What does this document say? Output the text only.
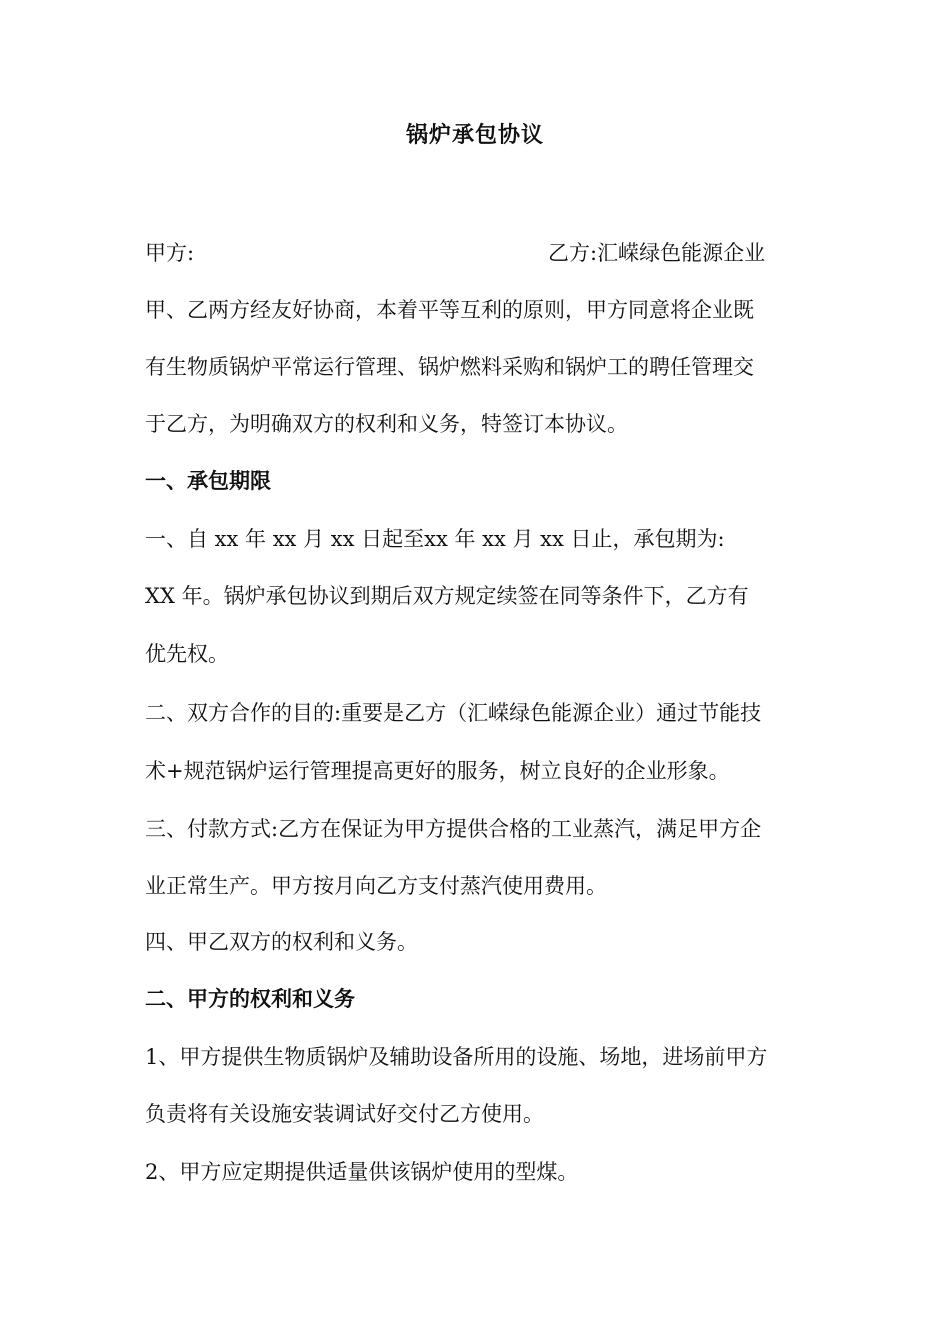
锅炉承包协议
甲方:	乙方:汇嵘绿色能源企业
甲、乙两方经友好协商，本着平等互利的原则，甲方同意将企业既
有生物质锅炉平常运行管理、锅炉燃料采购和锅炉工的聘任管理交
于乙方，为明确双方的权利和义务，特签订本协议。
一、承包期限
一、自 xx 年 xx 月 xx 日起至xx 年 xx 月 xx 日止，承包期为:
XX 年。锅炉承包协议到期后双方规定续签在同等条件下，乙方有
优先权。
二、双方合作的目的:重要是乙方（汇嵘绿色能源企业）通过节能技
术+规范锅炉运行管理提高更好的服务，树立良好的企业形象。
三、付款方式:乙方在保证为甲方提供合格的工业蒸汽，满足甲方企
业正常生产。甲方按月向乙方支付蒸汽使用费用。
四、甲乙双方的权利和义务。
二、甲方的权利和义务
1、甲方提供生物质锅炉及辅助设备所用的设施、场地，进场前甲方
负责将有关设施安装调试好交付乙方使用。
2、甲方应定期提供适量供该锅炉使用的型煤。
